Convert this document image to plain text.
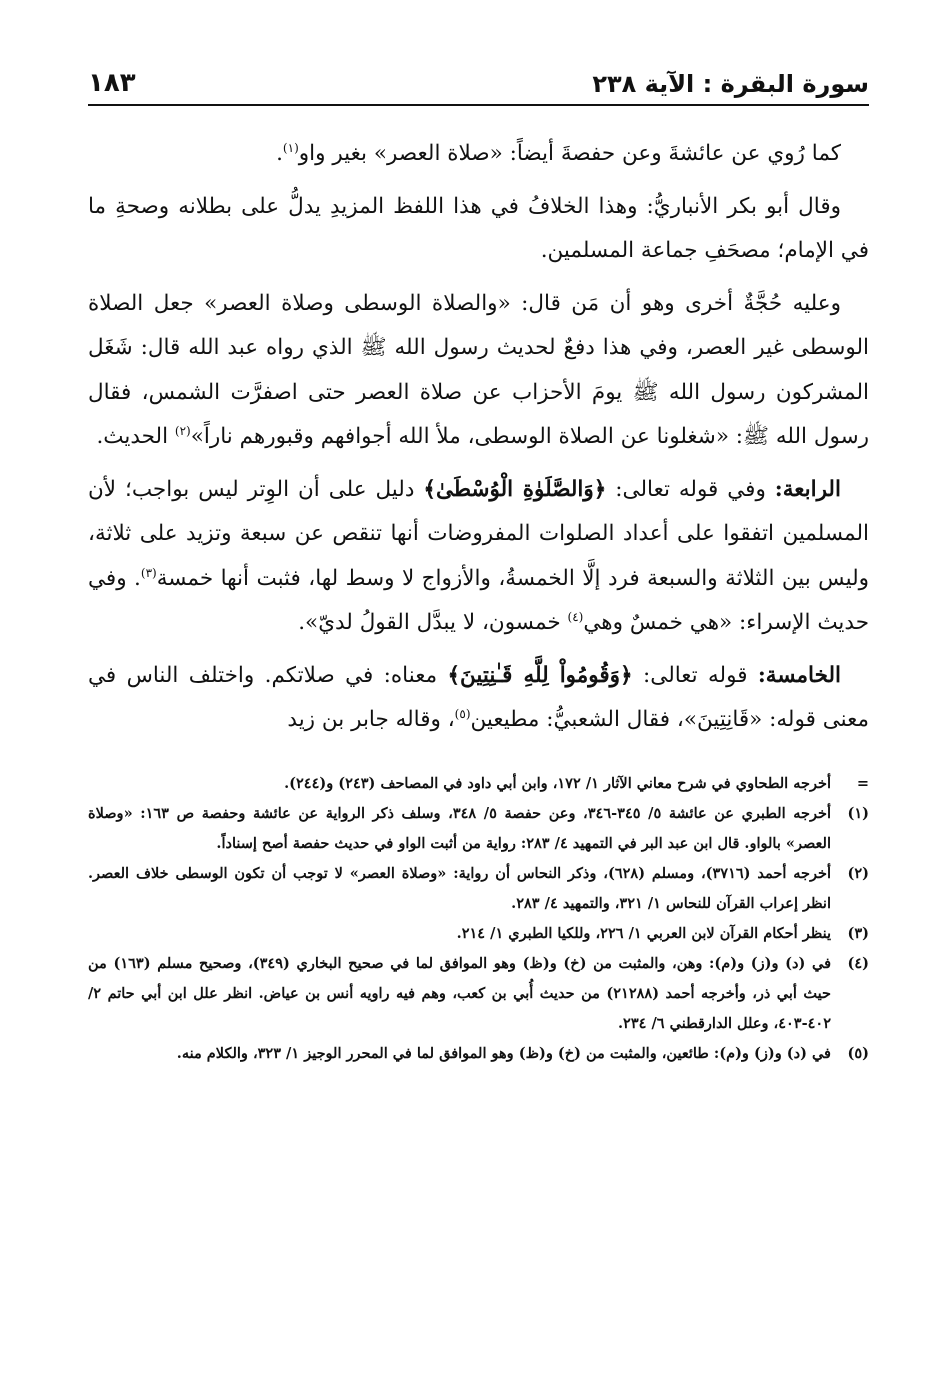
سورة البقرة : الآية ٢٣٨
١٨٣

كما رُوي عن عائشةَ وعن حفصةَ أيضاً: «صلاة العصر» بغير واو$^{(١)}$.

وقال أبو بكر الأنباريُّ: وهذا الخلافُ في هذا اللفظ المزيدِ يدلُّ على بطلانه وصحةِ ما في الإمام؛ مصحَفِ جماعة المسلمين.

وعليه حُجَّةٌ أخرى وهو أن مَن قال: «والصلاة الوسطى وصلاة العصر» جعل الصلاة الوسطى غير العصر، وفي هذا دفعٌ لحديث رسول الله ﷺ الذي رواه عبد الله قال: شَغَل المشركون رسول الله ﷺ يومَ الأحزاب عن صلاة العصر حتى اصفرَّت الشمس، فقال رسول الله ﷺ: «شغلونا عن الصلاة الوسطى، ملأ الله أجوافهم وقبورهم ناراً»$^{(٢)}$ الحديث.

الرابعة: وفي قوله تعالى: ﴿وَالصَّلَوٰةِ الْوُسْطَىٰ﴾ دليل على أن الوِتر ليس بواجب؛ لأن المسلمين اتفقوا على أعداد الصلوات المفروضات أنها تنقص عن سبعة وتزيد على ثلاثة، وليس بين الثلاثة والسبعة فرد إلَّا الخمسةُ، والأزواج لا وسط لها، فثبت أنها خمسة$^{(٣)}$. وفي حديث الإسراء: «هي خمسٌ وهي$^{(٤)}$ خمسون، لا يبدَّل القولُ لديّ».

الخامسة: قوله تعالى: ﴿وَقُومُواْ لِلَّهِ قَـٰنِتِينَ﴾ معناه: في صلاتكم. واختلف الناس في معنى قوله: «قَانِتِينَ»، فقال الشعبيُّ: مطيعين$^{(٥)}$، وقاله جابر بن زيد

=
أخرجه الطحاوي في شرح معاني الآثار ١/ ١٧٢، وابن أبي داود في المصاحف (٢٤٣) و(٢٤٤).
(١)
أخرجه الطبري عن عائشة ٥/ ٣٤٥-٣٤٦، وعن حفصة ٥/ ٣٤٨، وسلف ذكر الرواية عن عائشة وحفصة ص ١٦٣: «وصلاة العصر» بالواو. قال ابن عبد البر في التمهيد ٤/ ٢٨٣: رواية من أثبت الواو في حديث حفصة أصح إسناداً.
(٢)
أخرجه أحمد (٣٧١٦)، ومسلم (٦٢٨)، وذكر النحاس أن رواية: «وصلاة العصر» لا توجب أن تكون الوسطى خلاف العصر. انظر إعراب القرآن للنحاس ١/ ٣٢١، والتمهيد ٤/ ٢٨٣.
(٣)
ينظر أحكام القرآن لابن العربي ١/ ٢٢٦، وللكيا الطبري ١/ ٢١٤.
(٤)
في (د) و(ز) و(م): وهن، والمثبت من (خ) و(ظ) وهو الموافق لما في صحيح البخاري (٣٤٩)، وصحيح مسلم (١٦٣) من حيث أبي ذر، وأخرجه أحمد (٢١٢٨٨) من حديث أُبي بن كعب، وهم فيه راويه أنس بن عياض. انظر علل ابن أبي حاتم ٢/ ٤٠٢-٤٠٣، وعلل الدارقطني ٦/ ٢٣٤.
(٥)
في (د) و(ز) و(م): طائعين، والمثبت من (خ) و(ظ) وهو الموافق لما في المحرر الوجيز ١/ ٣٢٣، والكلام منه.
